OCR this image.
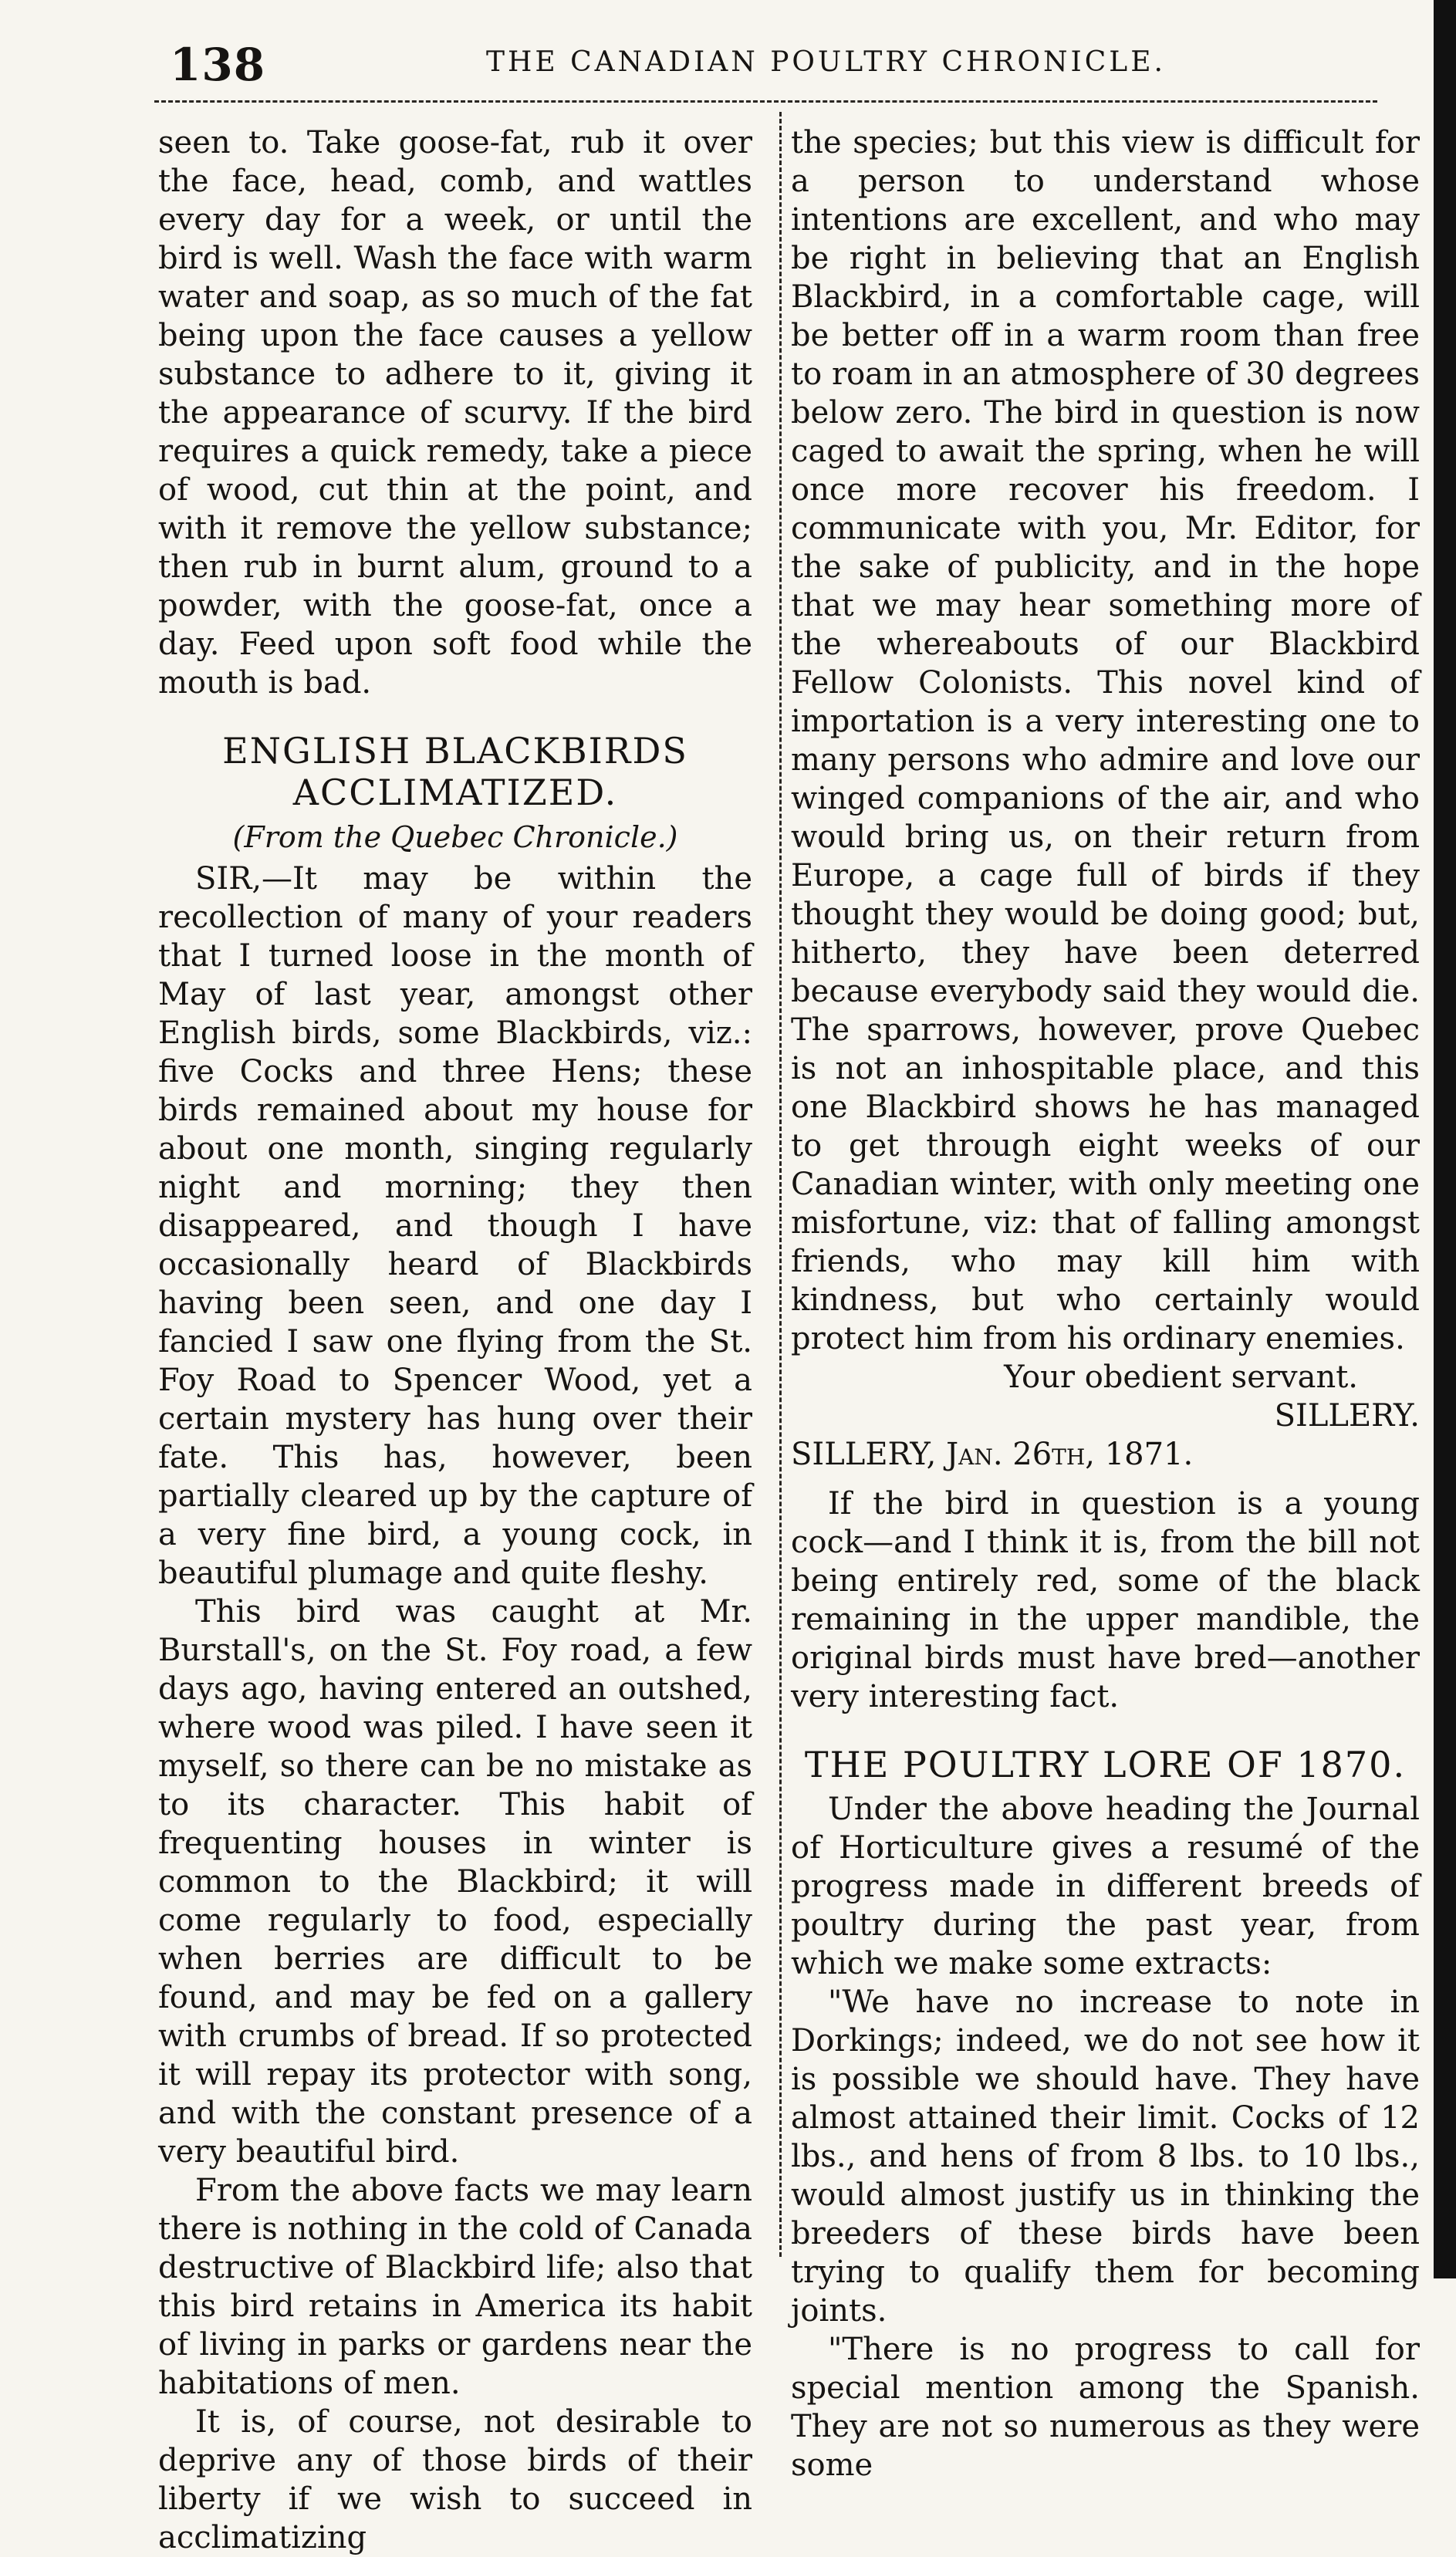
138	THE CANADIAN POULTRY CHRONICLE.

seen to. Take goose-fat, rub it over the face, head, comb, and wattles every day for a week, or until the bird is well. Wash the face with warm water and soap, as so much of the fat being upon the face causes a yellow substance to adhere to it, giving it the appearance of scurvy. If the bird requires a quick remedy, take a piece of wood, cut thin at the point, and with it remove the yellow substance; then rub in burnt alum, ground to a powder, with the goose-fat, once a day. Feed upon soft food while the mouth is bad.

ENGLISH BLACKBIRDS ACCLIMATIZED.
(From the Quebec Chronicle.)

SIR,—It may be within the recollection of many of your readers that I turned loose in the month of May of last year, amongst other English birds, some Blackbirds, viz.: five Cocks and three Hens; these birds remained about my house for about one month, singing regularly night and morning; they then disappeared, and though I have occasionally heard of Blackbirds having been seen, and one day I fancied I saw one flying from the St. Foy Road to Spencer Wood, yet a certain mystery has hung over their fate. This has, however, been partially cleared up by the capture of a very fine bird, a young cock, in beautiful plumage and quite fleshy.

This bird was caught at Mr. Burstall's, on the St. Foy road, a few days ago, having entered an outshed, where wood was piled. I have seen it myself, so there can be no mistake as to its character. This habit of frequenting houses in winter is common to the Blackbird; it will come regularly to food, especially when berries are difficult to be found, and may be fed on a gallery with crumbs of bread. If so protected it will repay its protector with song, and with the constant presence of a very beautiful bird.

From the above facts we may learn there is nothing in the cold of Canada destructive of Blackbird life; also that this bird retains in America its habit of living in parks or gardens near the habitations of men.

It is, of course, not desirable to deprive any of those birds of their liberty if we wish to succeed in acclimatizing

the species; but this view is difficult for a person to understand whose intentions are excellent, and who may be right in believing that an English Blackbird, in a comfortable cage, will be better off in a warm room than free to roam in an atmosphere of 30 degrees below zero. The bird in question is now caged to await the spring, when he will once more recover his freedom. I communicate with you, Mr. Editor, for the sake of publicity, and in the hope that we may hear something more of the whereabouts of our Blackbird Fellow Colonists. This novel kind of importation is a very interesting one to many persons who admire and love our winged companions of the air, and who would bring us, on their return from Europe, a cage full of birds if they thought they would be doing good; but, hitherto, they have been deterred because everybody said they would die. The sparrows, however, prove Quebec is not an inhospitable place, and this one Blackbird shows he has managed to get through eight weeks of our Canadian winter, with only meeting one misfortune, viz: that of falling amongst friends, who may kill him with kindness, but who certainly would protect him from his ordinary enemies.

Your obedient servant.

SILLERY.

SILLERY, Jan. 26th, 1871.

If the bird in question is a young cock—and I think it is, from the bill not being entirely red, some of the black remaining in the upper mandible, the original birds must have bred—another very interesting fact.

THE POULTRY LORE OF 1870.

Under the above heading the Journal of Horticulture gives a resumé of the progress made in different breeds of poultry during the past year, from which we make some extracts:

"We have no increase to note in Dorkings; indeed, we do not see how it is possible we should have. They have almost attained their limit. Cocks of 12 lbs., and hens of from 8 lbs. to 10 lbs., would almost justify us in thinking the breeders of these birds have been trying to qualify them for becoming joints.

"There is no progress to call for special mention among the Spanish. They are not so numerous as they were some
